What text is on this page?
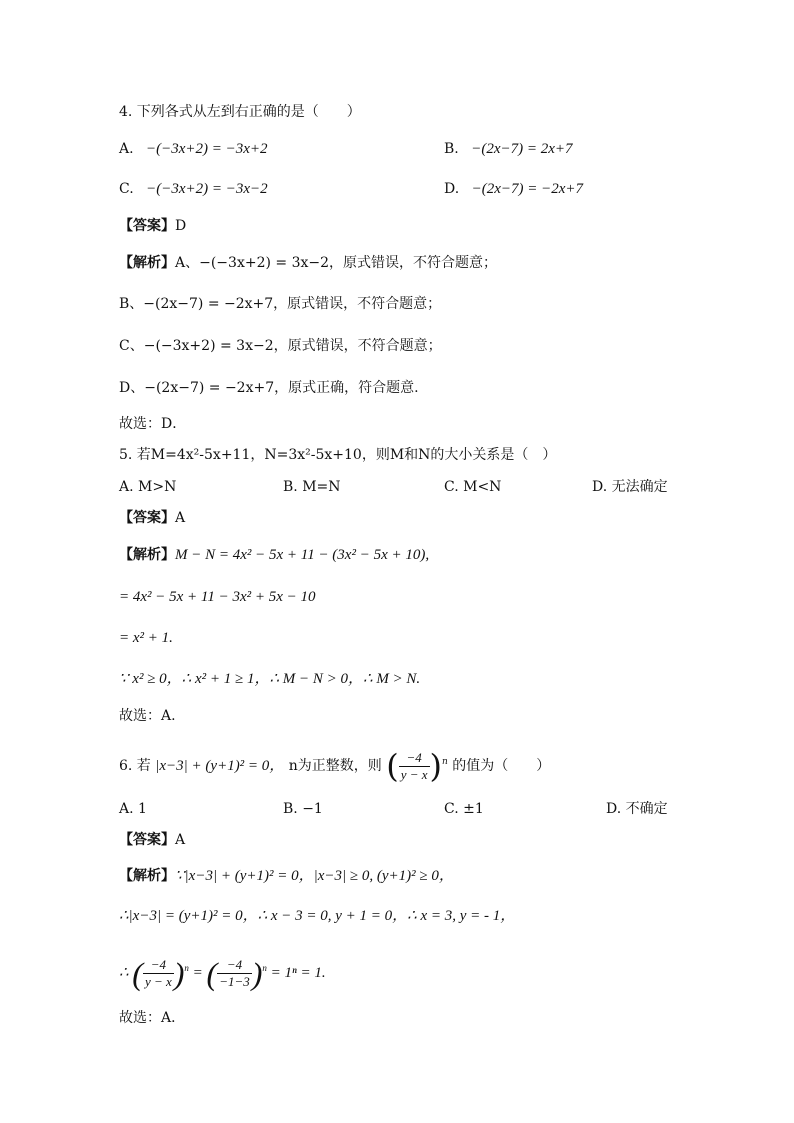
4. 下列各式从左到右正确的是（　　）
A. −(−3x+2) = −3x+2	B. −(2x−7) = 2x+7
C. −(−3x+2) = −3x−2	D. −(2x−7) = −2x+7
【答案】D
【解析】A、−(−3x+2) = 3x−2，原式错误，不符合题意；
B、−(2x−7) = −2x+7，原式错误，不符合题意；
C、−(−3x+2) = 3x−2，原式错误，不符合题意；
D、−(2x−7) = −2x+7，原式正确，符合题意.
故选：D．
5. 若M=4x²-5x+11，N=3x²-5x+10，则M和N的大小关系是（　）
A. M>N	B. M=N	C. M<N	D. 无法确定
【答案】A
【解析】M − N = 4x² − 5x + 11 − (3x² − 5x + 10),
= 4x² − 5x + 11 − 3x² + 5x − 10
= x² + 1.
∵ x² ≥ 0，∴ x² + 1 ≥ 1，∴ M − N > 0，∴ M > N.
故选：A.
6. 若 |x−3| + (y+1)² = 0， n为正整数，则 ( $\frac{-4}{y - x} )^n$ 的值为（　　）
A. 1	B. −1	C. ±1	D. 不确定
【答案】A
【解析】∵|x−3| + (y+1)² = 0，|x−3| ≥ 0, (y+1)² ≥ 0，
∴|x−3| = (y+1)² = 0，∴ x − 3 = 0, y + 1 = 0，∴ x = 3, y = - 1，
∴ ( $\frac{-4}{y - x} )^n$ = ( $\frac{-4}{-1-3} )^n = 1^n = 1$.
故选：A．
